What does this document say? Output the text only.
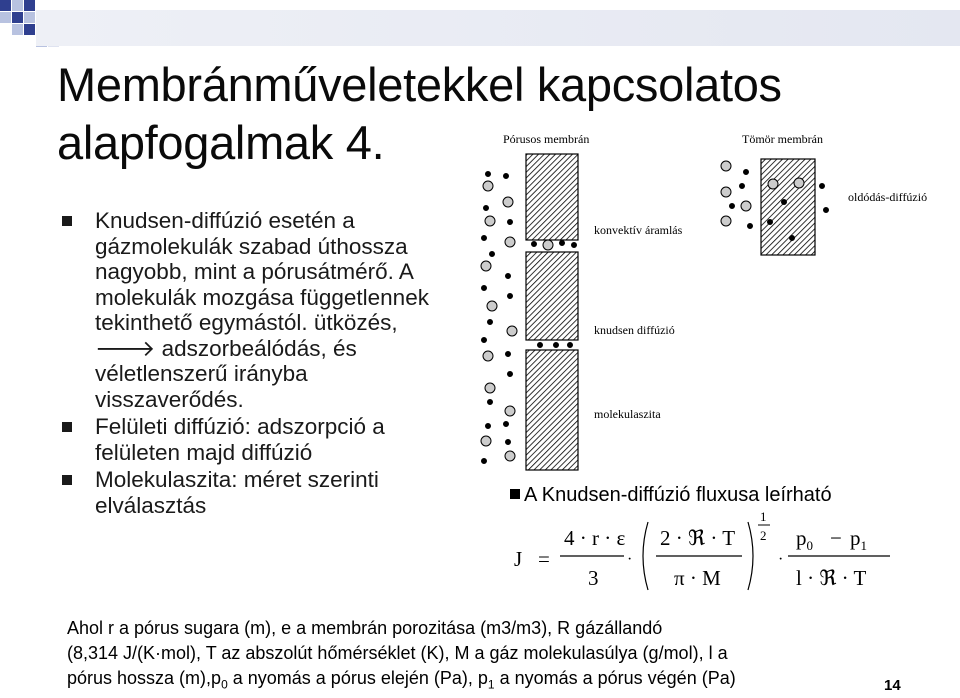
Membránműveletekkel kapcsolatos alapfogalmak 4.
Knudsen-diffúzió esetén a gázmolekulák szabad úthossza nagyobb, mint a pórusátmérő. A molekulák mozgása függetlennek tekinthető egymástól. ütközés,
🡒 adszorbeálódás, és véletlenszerű irányba visszaverődés.
Felületi diffúzió: adszorpció a felületen majd diffúzió
Molekulaszita: méret szerinti elválasztás
Pórusos membrán	Tömör membrán
oldódás-diffúzió
konvektív áramlás
knudsen diffúzió
molekulaszita
A Knudsen-diffúzió fluxusa leírható
J =
4 · r · ε
3
·
2 · ℜ · T
π · M
1
2
·
$p_0 - p_1$
l · ℜ · T
Ahol r a pórus sugara (m), e a membrán porozitása (m3/m3), R gázállandó
(8,314 J/(K·mol), T az abszolút hőmérséklet (K), M a gáz molekulasúlya (g/mol), l a
pórus hossza $(m),p_0$ a nyomás a pórus elején (Pa), $p_1$ a nyomás a pórus végén (Pa)	14
